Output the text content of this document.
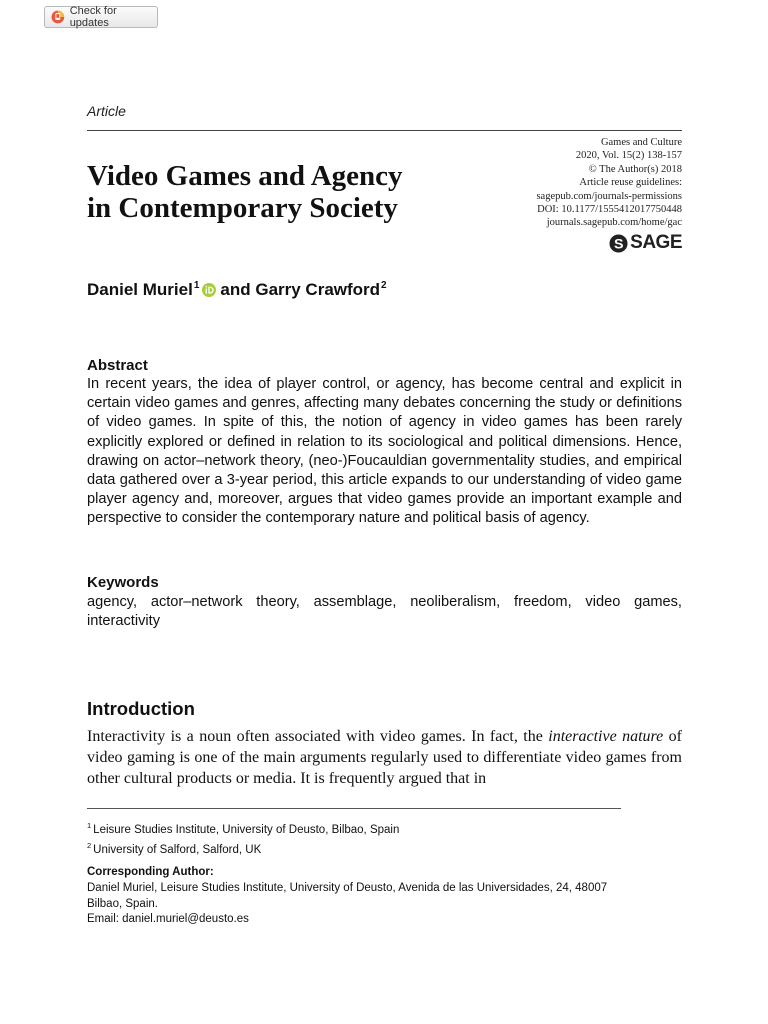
Check for updates
Article
Video Games and Agency
in Contemporary Society
Games and Culture
2020, Vol. 15(2) 138-157
© The Author(s) 2018
Article reuse guidelines:
sagepub.com/journals-permissions
DOI: 10.1177/1555412017750448
journals.sagepub.com/home/gac
S SAGE
Daniel Muriel$^1$ and
Garry Crawford$^2$
Abstract

In recent years, the idea of player control, or agency, has become central and explicit in certain video games and genres, affecting many debates concerning the study or definitions of video games. In spite of this, the notion of agency in video games has been rarely explicitly explored or defined in relation to its sociological and political dimensions. Hence, drawing on actor–network theory, (neo-)Foucauldian governmentality studies, and empirical data gathered over a 3-year period, this article expands to our understanding of video game player agency and, moreover, argues that video games provide an important example and perspective to consider the contemporary nature and political basis of agency.

Keywords

agency, actor–network theory, assemblage, neoliberalism, freedom, video games, interactivity

Introduction

Interactivity is a noun often associated with video games. In fact, the interactive nature of video gaming is one of the main arguments regularly used to differentiate video games from other cultural products or media. It is frequently argued that in

$^1$ Leisure Studies Institute, University of Deusto, Bilbao, Spain
$^2$ University of Salford, Salford, UK
Corresponding Author:
Daniel Muriel, Leisure Studies Institute, University of Deusto, Avenida de las Universidades, 24, 48007
Bilbao, Spain.
Email: daniel.muriel@deusto.es
